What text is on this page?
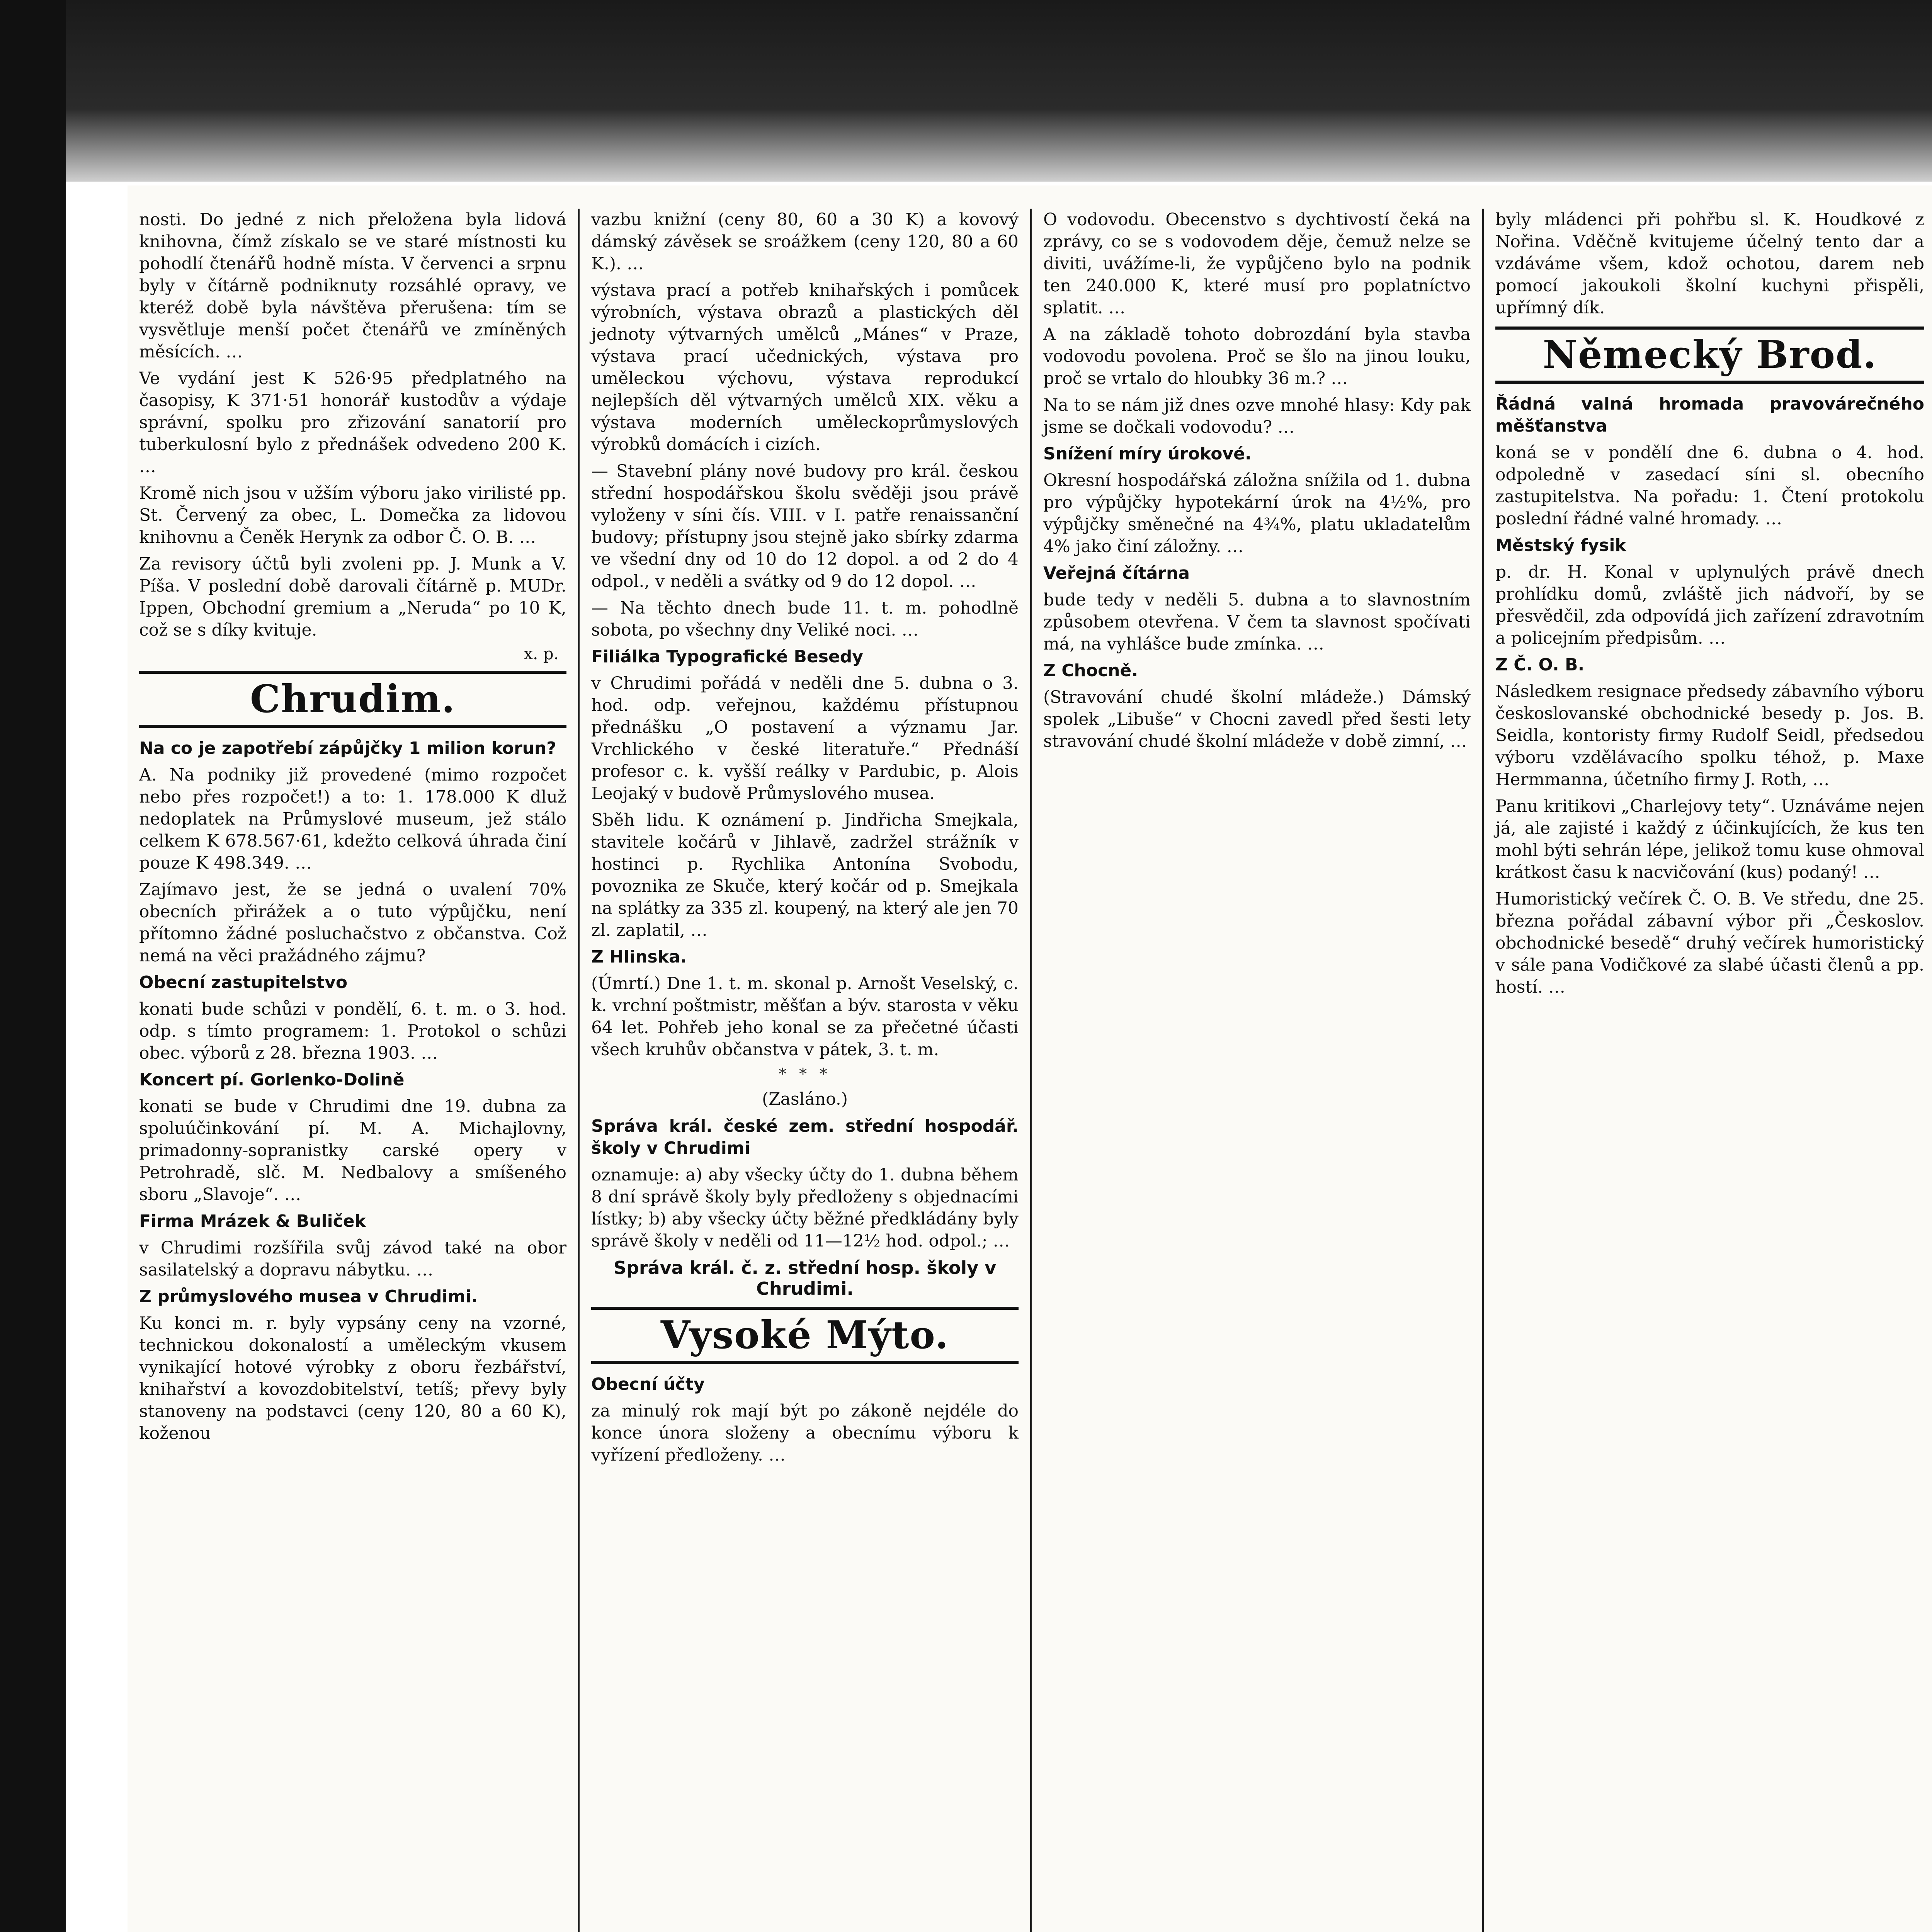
nosti. Do jedné z nich přeložena byla lidová knihovna, čímž získalo se ve staré místnosti ku pohodlí čtenářů hodně místa. V červenci a srpnu byly v čítárně podniknuty rozsáhlé opravy, ve kteréž době byla návštěva přerušena: tím se vysvětluje menší počet čtenářů ve zmíněných měsících. …

Ve vydání jest K 526·95 předplatného na časopisy, K 371·51 honorář kustodův a výdaje správní, spolku pro zřizování sanatorií pro tuberkulosní bylo z přednášek odvedeno 200 K. …

Kromě nich jsou v užším výboru jako virilisté pp. St. Červený za obec, L. Domečka za lidovou knihovnu a Čeněk Herynk za odbor Č. O. B. …

Za revisory účtů byli zvoleni pp. J. Munk a V. Píša. V poslední době darovali čítárně p. MUDr. Ippen, Obchodní gremium a „Neruda“ po 10 K, což se s díky kvituje.

x. p.
Chrudim.

Na co je zapotřebí zápůjčky 1 milion korun?

A. Na podniky již provedené (mimo rozpočet nebo přes rozpočet!) a to: 1. 178.000 K dluž nedoplatek na Průmyslové museum, jež stálo celkem K 678.567·61, kdežto celková úhrada činí pouze K 498.349. …

Zajímavo jest, že se jedná o uvalení 70% obecních přirážek a o tuto výpůjčku, není přítomno žádné posluchačstvo z občanstva. Což nemá na věci pražádného zájmu?

Obecní zastupitelstvo

konati bude schůzi v pondělí, 6. t. m. o 3. hod. odp. s tímto programem: 1. Protokol o schůzi obec. výborů z 28. března 1903. …

Koncert pí. Gorlenko-Dolině

konati se bude v Chrudimi dne 19. dubna za spoluúčinkování pí. M. A. Michajlovny, primadonny-sopranistky carské opery v Petrohradě, slč. M. Nedbalovy a smíšeného sboru „Slavoje“. …

Firma Mrázek & Buliček

v Chrudimi rozšířila svůj závod také na obor sasilatelský a dopravu nábytku. …

Z průmyslového musea v Chrudimi.

Ku konci m. r. byly vypsány ceny na vzorné, technickou dokonalostí a uměleckým vkusem vynikající hotové výrobky z oboru řezbářství, knihařství a kovozdobitelství, tetíš; převy byly stanoveny na podstavci (ceny 120, 80 a 60 K), koženou

vazbu knižní (ceny 80, 60 a 30 K) a kovový dámský závěsek se sroážkem (ceny 120, 80 a 60 K.). …

výstava prací a potřeb knihařských i pomůcek výrobních, výstava obrazů a plastických děl jednoty výtvarných umělců „Mánes“ v Praze, výstava prací učednických, výstava pro uměleckou výchovu, výstava reprodukcí nejlepších děl výtvarných umělců XIX. věku a výstava moderních uměleckoprůmyslových výrobků domácích i cizích.

— Stavební plány nové budovy pro král. českou střední hospodářskou školu svěději jsou právě vyloženy v síni čís. VIII. v I. patře renaissanční budovy; přístupny jsou stejně jako sbírky zdarma ve všední dny od 10 do 12 dopol. a od 2 do 4 odpol., v neděli a svátky od 9 do 12 dopol. …

— Na těchto dnech bude 11. t. m. pohodlně sobota, po všechny dny Veliké noci. …

Filiálka Typografické Besedy

v Chrudimi pořádá v neděli dne 5. dubna o 3. hod. odp. veřejnou, každému přístupnou přednášku „O postavení a významu Jar. Vrchlického v české literatuře.“ Přednáší profesor c. k. vyšší reálky v Pardubic, p. Alois Leojaký v budově Průmyslového musea.

Sběh lidu. K oznámení p. Jindřicha Smejkala, stavitele kočárů v Jihlavě, zadržel strážník v hostinci p. Rychlika Antonína Svobodu, povoznika ze Skuče, který kočár od p. Smejkala na splátky za 335 zl. koupený, na který ale jen 70 zl. zaplatil, …

Z Hlinska.

(Úmrtí.) Dne 1. t. m. skonal p. Arnošt Veselský, c. k. vrchní poštmistr, měšťan a býv. starosta v věku 64 let. Pohřeb jeho konal se za přečetné účasti všech kruhův občanstva v pátek, 3. t. m.

* * *
(Zasláno.)

Správa král. české zem. střední hospodář. školy v Chrudimi

oznamuje: a) aby všecky účty do 1. dubna během 8 dní správě školy byly předloženy s objednacími lístky; b) aby všecky účty běžné předkládány byly správě školy v neděli od 11—12½ hod. odpol.; …

Správa král. č. z. střední hosp. školy v Chrudimi.
Vysoké Mýto.

Obecní účty

za minulý rok mají být po zákoně nejdéle do konce února složeny a obecnímu výboru k vyřízení předloženy. …

O vodovodu. Obecenstvo s dychtivostí čeká na zprávy, co se s vodovodem děje, čemuž nelze se diviti, uvážíme-li, že vypůjčeno bylo na podnik ten 240.000 K, které musí pro poplatníctvo splatit. …

A na základě tohoto dobrozdání byla stavba vodovodu povolena. Proč se šlo na jinou louku, proč se vrtalo do hloubky 36 m.? …

Na to se nám již dnes ozve mnohé hlasy: Kdy pak jsme se dočkali vodovodu? …

Snížení míry úrokové.

Okresní hospodářská záložna snížila od 1. dubna pro výpůjčky hypotekární úrok na 4½%, pro výpůjčky směnečné na 4¾%, platu ukladatelům 4% jako činí záložny. …

Veřejná čítárna

bude tedy v neděli 5. dubna a to slavnostním způsobem otevřena. V čem ta slavnost spočívati má, na vyhlášce bude zmínka. …

Z Chocně.

(Stravování chudé školní mládeže.) Dámský spolek „Libuše“ v Chocni zavedl před šesti lety stravování chudé školní mládeže v době zimní, …

byly mládenci při pohřbu sl. K. Houdkové z Nořina. Vděčně kvitujeme účelný tento dar a vzdáváme všem, kdož ochotou, darem neb pomocí jakoukoli školní kuchyni přispěli, upřímný dík.

Německý Brod.

Řádná valná hromada pravovárečného měšťanstva

koná se v pondělí dne 6. dubna o 4. hod. odpoledně v zasedací síni sl. obecního zastupitelstva. Na pořadu: 1. Čtení protokolu poslední řádné valné hromady. …

Městský fysik

p. dr. H. Konal v uplynulých právě dnech prohlídku domů, zvláště jich nádvoří, by se přesvědčil, zda odpovídá jich zařízení zdravotním a policejním předpisům. …

Z Č. O. B.

Následkem resignace předsedy zábavního výboru českoslovanské obchodnické besedy p. Jos. B. Seidla, kontoristy firmy Rudolf Seidl, předsedou výboru vzdělávacího spolku téhož, p. Maxe Hermmanna, účetního firmy J. Roth, …

Panu kritikovi „Charlejovy tety“. Uznáváme nejen já, ale zajisté i každý z účinkujících, že kus ten mohl býti sehrán lépe, jelikož tomu kuse ohmoval krátkost času k nacvičování (kus) podaný! …

Humoristický večírek Č. O. B. Ve středu, dne 25. března pořádal zábavní výbor při „Českoslov. obchodnické besedě“ druhý večírek humoristický v sále pana Vodičkové za slabé účasti členů a pp. hostí. …
